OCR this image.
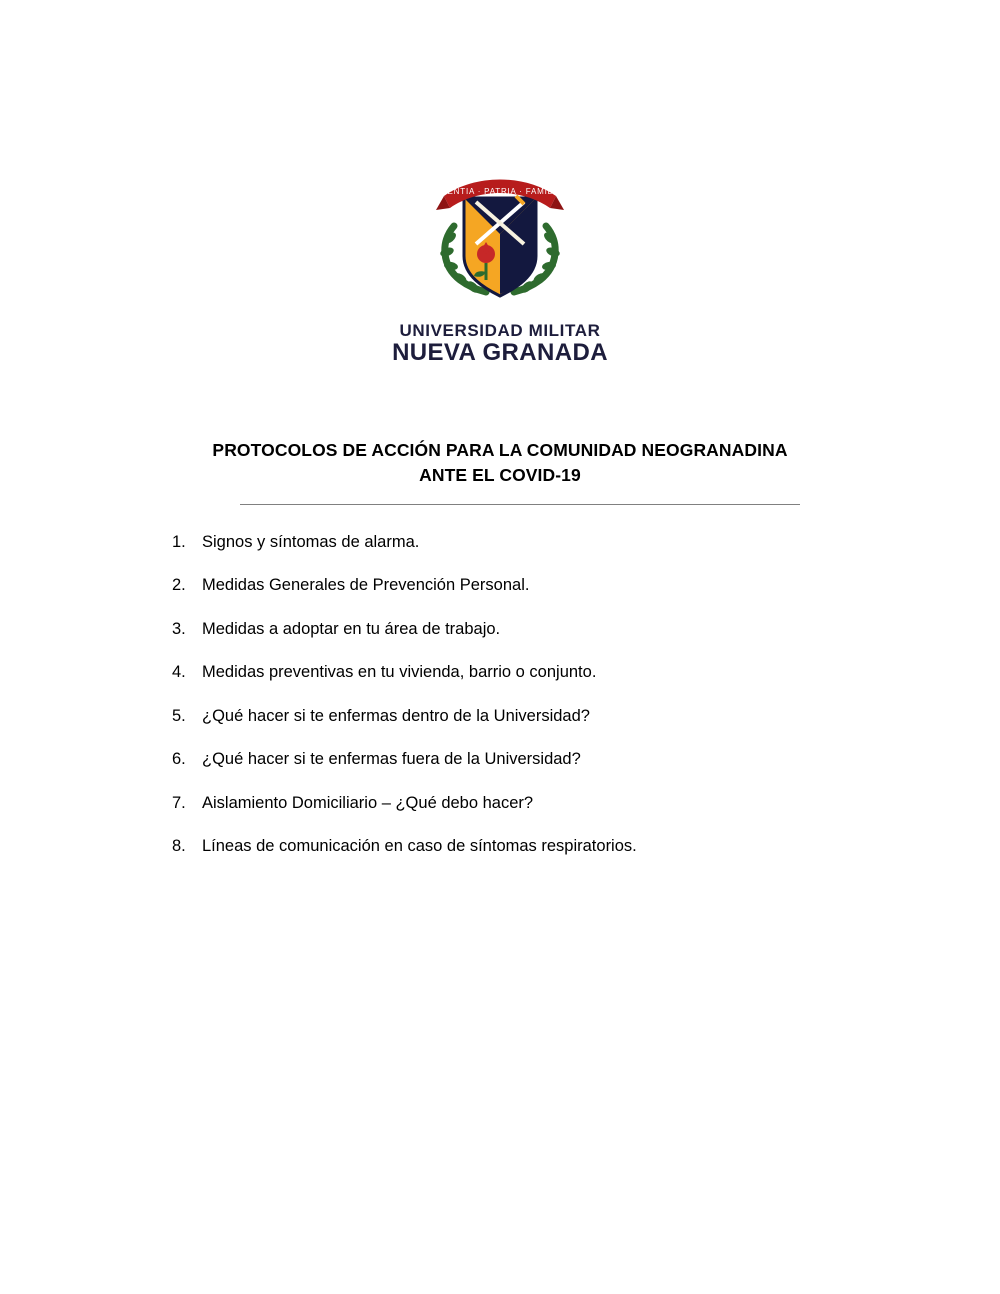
SCIENTIA · PATRIA · FAMILIAE
UNIVERSIDAD MILITAR
NUEVA GRANADA
PROTOCOLOS DE ACCIÓN PARA LA COMUNIDAD NEOGRANADINA
ANTE EL COVID-19
1. Signos y síntomas de alarma.
2. Medidas Generales de Prevención Personal.
3. Medidas a adoptar en tu área de trabajo.
4. Medidas preventivas en tu vivienda, barrio o conjunto.
5. ¿Qué hacer si te enfermas dentro de la Universidad?
6. ¿Qué hacer si te enfermas fuera de la Universidad?
7. Aislamiento Domiciliario – ¿Qué debo hacer?
8. Líneas de comunicación en caso de síntomas respiratorios.
